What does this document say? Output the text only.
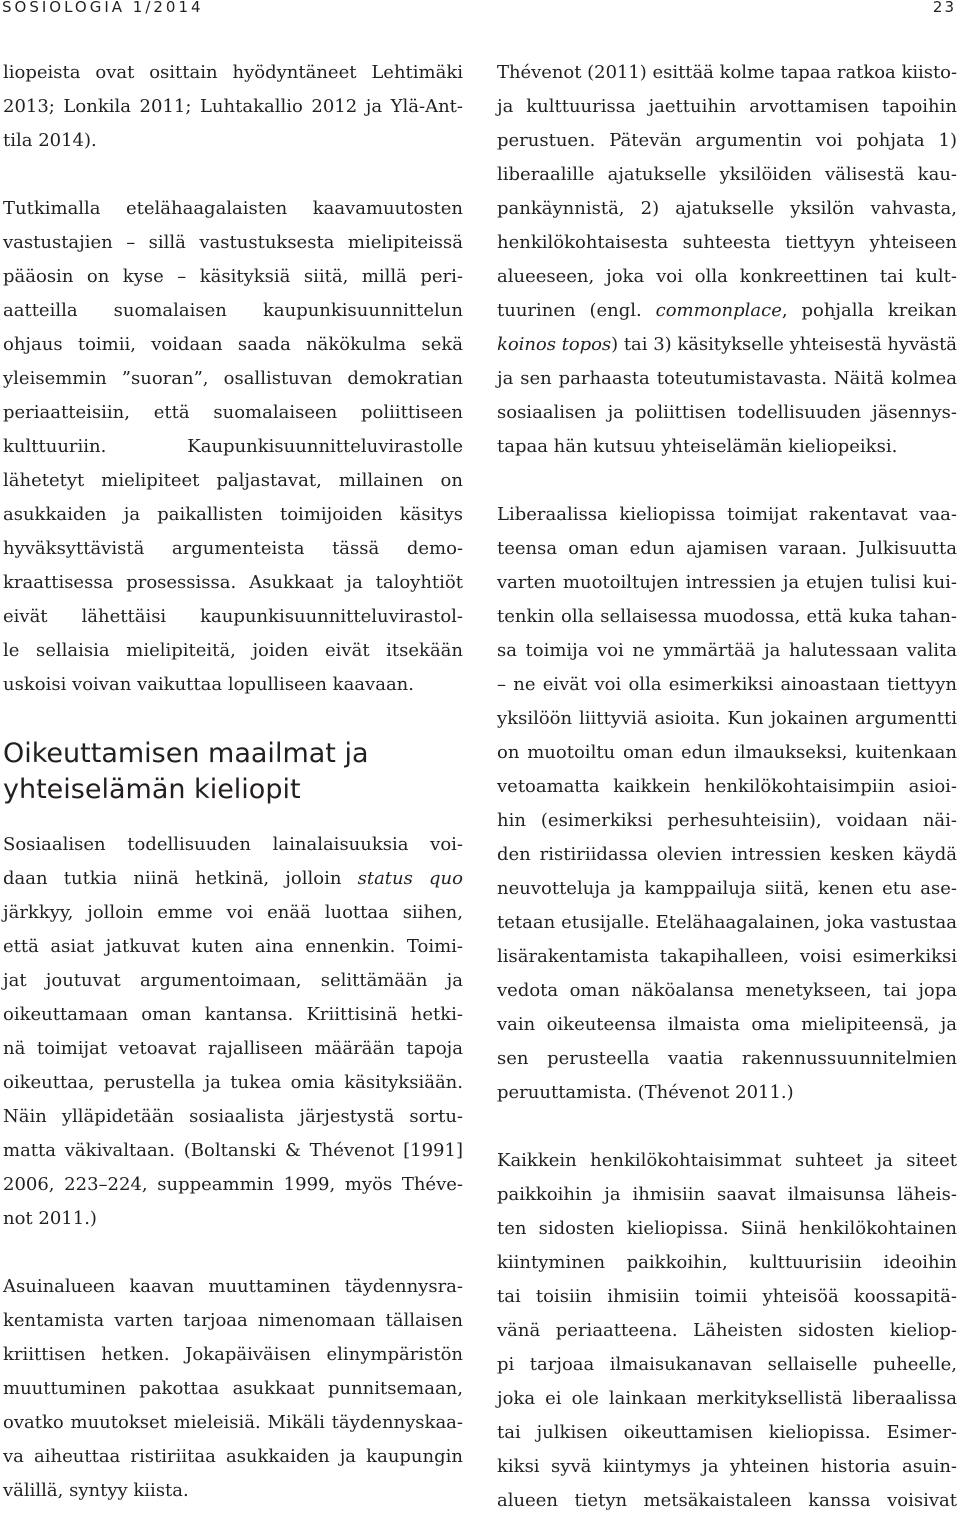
SOSIOLOGIA 1/2014	23
liopeista ovat osittain hyödyntäneet Lehtimäki
2013; Lonkila 2011; Luhtakallio 2012 ja Ylä-Ant-
tila 2014).
Tutkimalla etelähaagalaisten kaavamuutosten
vastustajien – sillä vastustuksesta mielipiteissä
pääosin on kyse – käsityksiä siitä, millä peri-
aatteilla suomalaisen kaupunkisuunnittelun
ohjaus toimii, voidaan saada näkökulma sekä
yleisemmin ”suoran”, osallistuvan demokratian
periaatteisiin, että suomalaiseen poliittiseen
kulttuuriin. Kaupunkisuunnitteluvirastolle
lähetetyt mielipiteet paljastavat, millainen on
asukkaiden ja paikallisten toimijoiden käsitys
hyväksyttävistä argumenteista tässä demo-
kraattisessa prosessissa. Asukkaat ja taloyhtiöt
eivät lähettäisi kaupunkisuunnitteluvirastol-
le sellaisia mielipiteitä, joiden eivät itsekään
uskoisi voivan vaikuttaa lopulliseen kaavaan.
Oikeuttamisen maailmat ja
yhteiselämän kieliopit
Sosiaalisen todellisuuden lainalaisuuksia voi-
daan tutkia niinä hetkinä, jolloin status quo
järkkyy, jolloin emme voi enää luottaa siihen,
että asiat jatkuvat kuten aina ennenkin. Toimi-
jat joutuvat argumentoimaan, selittämään ja
oikeuttamaan oman kantansa. Kriittisinä hetki-
nä toimijat vetoavat rajalliseen määrään tapoja
oikeuttaa, perustella ja tukea omia käsityksiään.
Näin ylläpidetään sosiaalista järjestystä sortu-
matta väkivaltaan. (Boltanski & Thévenot [1991]
2006, 223–224, suppeammin 1999, myös Théve-
not 2011.)
Asuinalueen kaavan muuttaminen täydennysra-
kentamista varten tarjoaa nimenomaan tällaisen
kriittisen hetken. Jokapäiväisen elinympäristön
muuttuminen pakottaa asukkaat punnitsemaan,
ovatko muutokset mieleisiä. Mikäli täydennyskaa-
va aiheuttaa ristiriitaa asukkaiden ja kaupungin
välillä, syntyy kiista.
Thévenot (2011) esittää kolme tapaa ratkoa kiisto-
ja kulttuurissa jaettuihin arvottamisen tapoihin
perustuen. Pätevän argumentin voi pohjata 1)
liberaalille ajatukselle yksilöiden välisestä kau-
pankäynnistä, 2) ajatukselle yksilön vahvasta,
henkilökohtaisesta suhteesta tiettyyn yhteiseen
alueeseen, joka voi olla konkreettinen tai kult-
tuurinen (engl. commonplace, pohjalla kreikan
koinos topos) tai 3) käsitykselle yhteisestä hyvästä
ja sen parhaasta toteutumistavasta. Näitä kolmea
sosiaalisen ja poliittisen todellisuuden jäsennys-
tapaa hän kutsuu yhteiselämän kieliopeiksi.
Liberaalissa kieliopissa toimijat rakentavat vaa-
teensa oman edun ajamisen varaan. Julkisuutta
varten muotoiltujen intressien ja etujen tulisi kui-
tenkin olla sellaisessa muodossa, että kuka tahan-
sa toimija voi ne ymmärtää ja halutessaan valita
– ne eivät voi olla esimerkiksi ainoastaan tiettyyn
yksilöön liittyviä asioita. Kun jokainen argumentti
on muotoiltu oman edun ilmaukseksi, kuitenkaan
vetoamatta kaikkein henkilökohtaisimpiin asioi-
hin (esimerkiksi perhesuhteisiin), voidaan näi-
den ristiriidassa olevien intressien kesken käydä
neuvotteluja ja kamppailuja siitä, kenen etu ase-
tetaan etusijalle. Etelähaagalainen, joka vastustaa
lisärakentamista takapihalleen, voisi esimerkiksi
vedota oman näköalansa menetykseen, tai jopa
vain oikeuteensa ilmaista oma mielipiteensä, ja
sen perusteella vaatia rakennussuunnitelmien
peruuttamista. (Thévenot 2011.)
Kaikkein henkilökohtaisimmat suhteet ja siteet
paikkoihin ja ihmisiin saavat ilmaisunsa läheis-
ten sidosten kieliopissa. Siinä henkilökohtainen
kiintyminen paikkoihin, kulttuurisiin ideoihin
tai toisiin ihmisiin toimii yhteisöä koossapitä-
vänä periaatteena. Läheisten sidosten kieliop-
pi tarjoaa ilmaisukanavan sellaiselle puheelle,
joka ei ole lainkaan merkityksellistä liberaalissa
tai julkisen oikeuttamisen kieliopissa. Esimer-
kiksi syvä kiintymys ja yhteinen historia asuin-
alueen tietyn metsäkaistaleen kanssa voisivat
